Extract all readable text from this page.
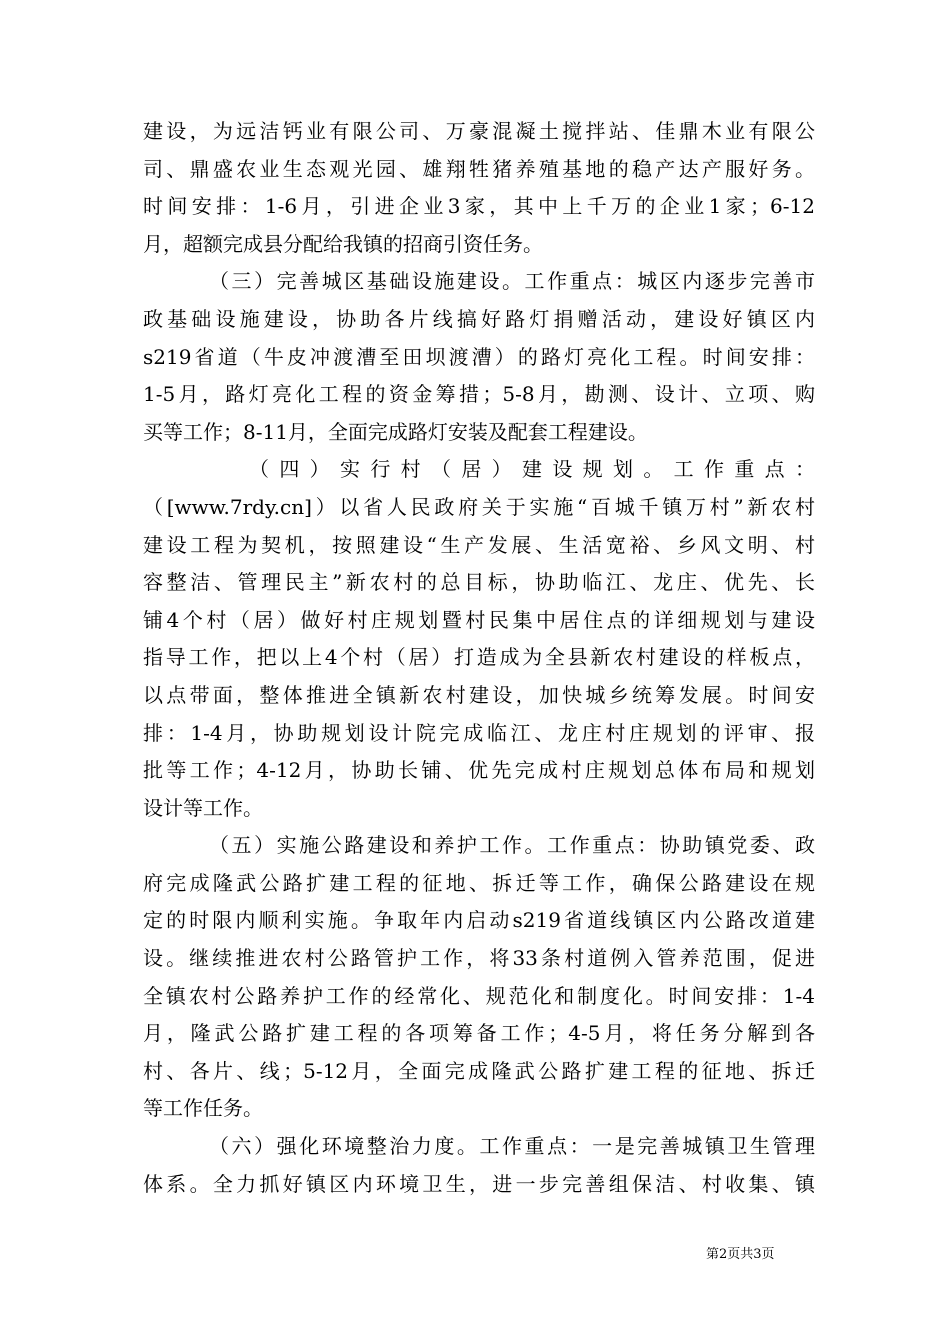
建设，为远洁钙业有限公司、万豪混凝土搅拌站、佳鼎木业有限公
司、鼎盛农业生态观光园、雄翔牲猪养殖基地的稳产达产服好务。
时间安排：1-6月，引进企业3家，其中上千万的企业1家；6-12
月，超额完成县分配给我镇的招商引资任务。
（三）完善城区基础设施建设。工作重点：城区内逐步完善市
政基础设施建设，协助各片线搞好路灯捐赠活动，建设好镇区内
s219省道（牛皮冲渡漕至田坝渡漕）的路灯亮化工程。时间安排：
1-5月，路灯亮化工程的资金筹措；5-8月，勘测、设计、立项、购
买等工作；8-11月，全面完成路灯安装及配套工程建设。
（四）实行村（居）建设规划。工作重点：
（[www.7rdy.cn]）以省人民政府关于实施“百城千镇万村”新农村
建设工程为契机，按照建设“生产发展、生活宽裕、乡风文明、村
容整洁、管理民主”新农村的总目标，协助临江、龙庄、优先、长
铺4个村（居）做好村庄规划暨村民集中居住点的详细规划与建设
指导工作，把以上4个村（居）打造成为全县新农村建设的样板点，
以点带面，整体推进全镇新农村建设，加快城乡统筹发展。时间安
排：1-4月，协助规划设计院完成临江、龙庄村庄规划的评审、报
批等工作；4-12月，协助长铺、优先完成村庄规划总体布局和规划
设计等工作。
（五）实施公路建设和养护工作。工作重点：协助镇党委、政
府完成隆武公路扩建工程的征地、拆迁等工作，确保公路建设在规
定的时限内顺利实施。争取年内启动s219省道线镇区内公路改道建
设。继续推进农村公路管护工作，将33条村道例入管养范围，促进
全镇农村公路养护工作的经常化、规范化和制度化。时间安排：1-4
月，隆武公路扩建工程的各项筹备工作；4-5月，将任务分解到各
村、各片、线；5-12月，全面完成隆武公路扩建工程的征地、拆迁
等工作任务。
（六）强化环境整治力度。工作重点：一是完善城镇卫生管理
体系。全力抓好镇区内环境卫生，进一步完善组保洁、村收集、镇
第2页共3页
